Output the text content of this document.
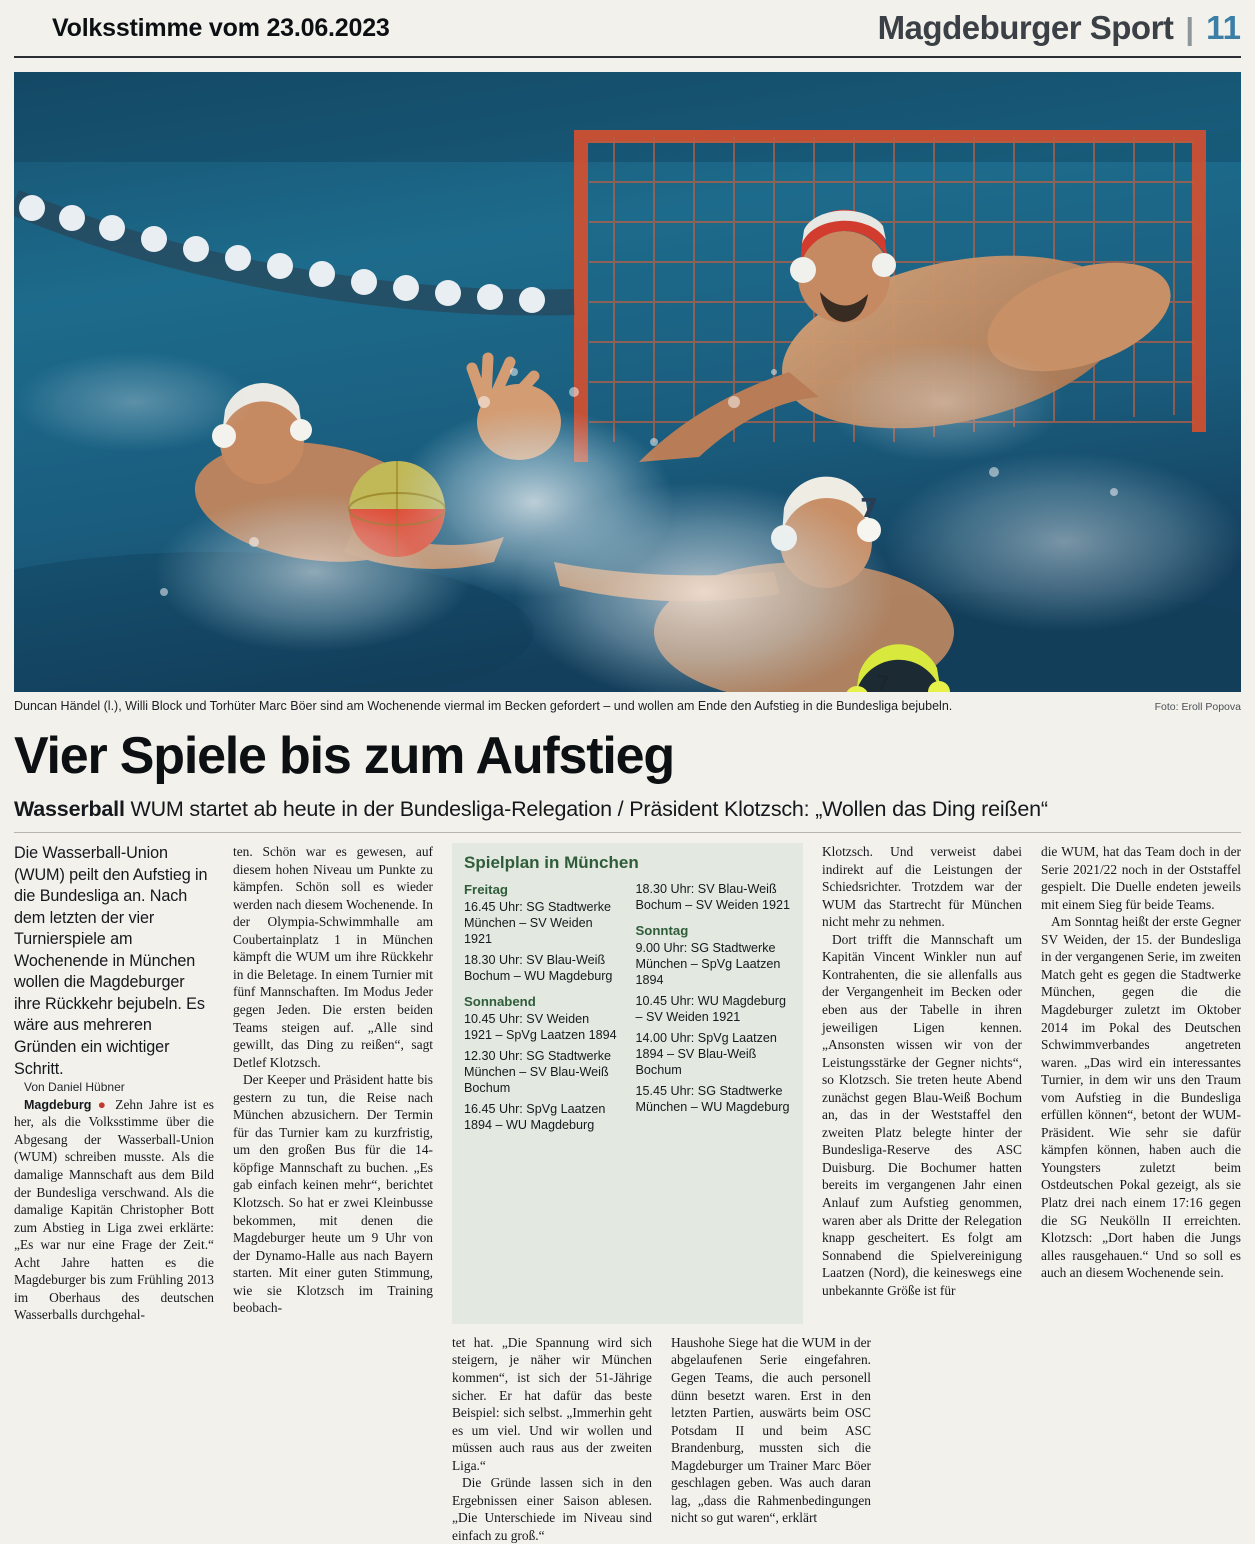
Volksstimme vom 23.06.2023	Magdeburger Sport | 11
7
7
Duncan Händel (l.), Willi Block und Torhüter Marc Böer sind am Wochenende viermal im Becken gefordert – und wollen am Ende den Aufstieg in die Bundesliga bejubeln.	Foto: Eroll Popova
Vier Spiele bis zum Aufstieg
Wasserball WUM startet ab heute in der Bundesliga-Relegation / Präsident Klotzsch: „Wollen das Ding reißen“

Die Wasserball-Union (WUM) peilt den Aufstieg in die Bundesliga an. Nach dem letzten der vier Turnierspiele am Wochenende in München wollen die Magdeburger ihre Rückkehr bejubeln. Es wäre aus mehreren Gründen ein wichtiger Schritt.

Von Daniel Hübner

Magdeburg ● Zehn Jahre ist es her, als die Volksstimme über die Abgesang der Wasserball-Union (WUM) schreiben musste. Als die damalige Mannschaft aus dem Bild der Bundesliga verschwand. Als die damalige Kapitän Christopher Bott zum Abstieg in Liga zwei erklärte: „Es war nur eine Frage der Zeit.“ Acht Jahre hatten es die Magdeburger bis zum Frühling 2013 im Oberhaus des deutschen Wasserballs durchgehal-

ten. Schön war es gewesen, auf diesem hohen Niveau um Punkte zu kämpfen. Schön soll es wieder werden nach diesem Wochenende. In der Olympia-Schwimmhalle am Coubertainplatz 1 in München kämpft die WUM um ihre Rückkehr in die Beletage. In einem Turnier mit fünf Mannschaften. Im Modus Jeder gegen Jeden. Die ersten beiden Teams steigen auf. „Alle sind gewillt, das Ding zu reißen“, sagt Detlef Klotzsch.

Der Keeper und Präsident hatte bis gestern zu tun, die Reise nach München abzusichern. Der Termin für das Turnier kam zu kurzfristig, um den großen Bus für die 14-köpfige Mannschaft zu buchen. „Es gab einfach keinen mehr“, berichtet Klotzsch. So hat er zwei Kleinbusse bekommen, mit denen die Magdeburger heute um 9 Uhr von der Dynamo-Halle aus nach Bayern starten. Mit einer guten Stimmung, wie sie Klotzsch im Training beobach-

Spielplan in München
Freitag
16.45 Uhr: SG Stadtwerke München – SV Weiden 1921
18.30 Uhr: SV Blau-Weiß Bochum – WU Magdeburg
Sonnabend
10.45 Uhr: SV Weiden 1921 – SpVg Laatzen 1894
12.30 Uhr: SG Stadtwerke München – SV Blau-Weiß Bochum
16.45 Uhr: SpVg Laatzen 1894 – WU Magdeburg
18.30 Uhr: SV Blau-Weiß Bochum – SV Weiden 1921
Sonntag
9.00 Uhr: SG Stadtwerke München – SpVg Laatzen 1894
10.45 Uhr: WU Magdeburg – SV Weiden 1921
14.00 Uhr: SpVg Laatzen 1894 – SV Blau-Weiß Bochum
15.45 Uhr: SG Stadtwerke München – WU Magdeburg

Klotzsch. Und verweist dabei indirekt auf die Leistungen der Schiedsrichter. Trotzdem war der WUM das Startrecht für München nicht mehr zu nehmen.

Dort trifft die Mannschaft um Kapitän Vincent Winkler nun auf Kontrahenten, die sie allenfalls aus der Vergangenheit im Becken oder eben aus der Tabelle in ihren jeweiligen Ligen kennen. „Ansonsten wissen wir von der Leistungsstärke der Gegner nichts“, so Klotzsch. Sie treten heute Abend zunächst gegen Blau-Weiß Bochum an, das in der Weststaffel den zweiten Platz belegte hinter der Bundesliga-Reserve des ASC Duisburg. Die Bochumer hatten bereits im vergangenen Jahr einen Anlauf zum Aufstieg genommen, waren aber als Dritte der Relegation knapp gescheitert. Es folgt am Sonnabend die Spielvereinigung Laatzen (Nord), die keineswegs eine unbekannte Größe ist für

die WUM, hat das Team doch in der Serie 2021/22 noch in der Oststaffel gespielt. Die Duelle endeten jeweils mit einem Sieg für beide Teams.

Am Sonntag heißt der erste Gegner SV Weiden, der 15. der Bundesliga in der vergangenen Serie, im zweiten Match geht es gegen die Stadtwerke München, gegen die die Magdeburger zuletzt im Oktober 2014 im Pokal des Deutschen Schwimmverbandes angetreten waren. „Das wird ein interessantes Turnier, in dem wir uns den Traum vom Aufstieg in die Bundesliga erfüllen können“, betont der WUM-Präsident. Wie sehr sie dafür kämpfen können, haben auch die Youngsters zuletzt beim Ostdeutschen Pokal gezeigt, als sie Platz drei nach einem 17:16 gegen die SG Neukölln II erreichten. Klotzsch: „Dort haben die Jungs alles rausgehauen.“ Und so soll es auch an diesem Wochenende sein.

tet hat. „Die Spannung wird sich steigern, je näher wir München kommen“, ist sich der 51-Jährige sicher. Er hat dafür das beste Beispiel: sich selbst. „Immerhin geht es um viel. Und wir wollen und müssen auch raus aus der zweiten Liga.“

Die Gründe lassen sich in den Ergebnissen einer Saison ablesen. „Die Unterschiede im Niveau sind einfach zu groß.“

Haushohe Siege hat die WUM in der abgelaufenen Serie eingefahren. Gegen Teams, die auch personell dünn besetzt waren. Erst in den letzten Partien, auswärts beim OSC Potsdam II und beim ASC Brandenburg, mussten sich die Magdeburger um Trainer Marc Böer geschlagen geben. Was auch daran lag, „dass die Rahmenbedingungen nicht so gut waren“, erklärt
